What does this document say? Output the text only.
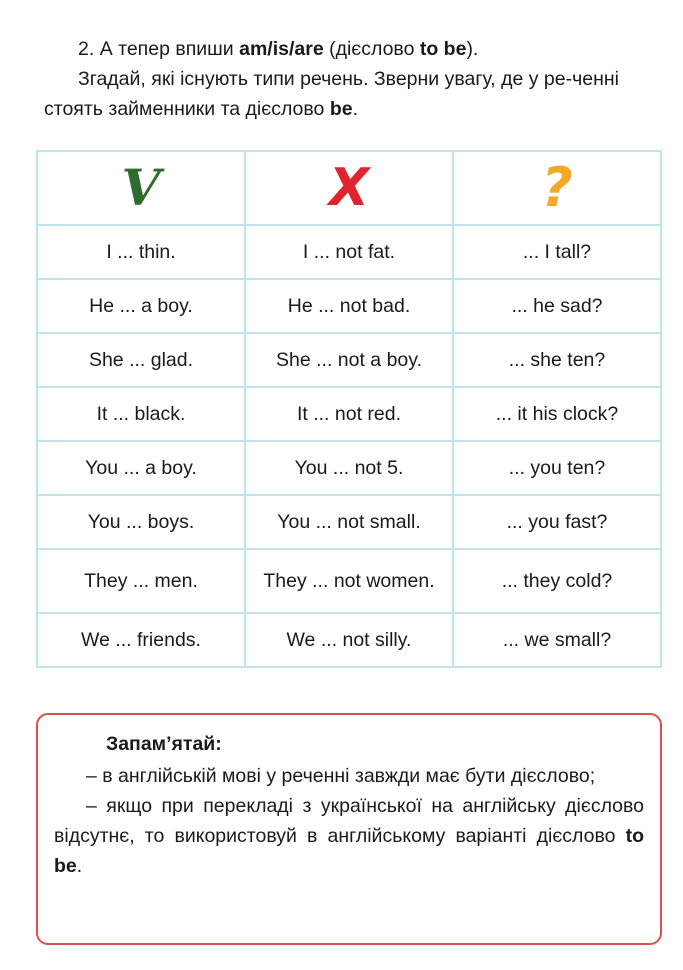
2. А тепер впиши am/is/are (дієслово to be).
Згадай, які існують типи речень. Зверни увагу, де у ре-ченні стоять займенники та дієслово be.
V	X	?
I ... thin.	I ... not fat.	... I tall?
He ... a boy.	He ... not bad.	... he sad?
She ... glad.	She ... not a boy.	... she ten?
It ... black.	It ... not red.	... it his clock?
You ... a boy.	You ... not 5.	... you ten?
You ... boys.	You ... not small.	... you fast?
They ... men.	They ... not women.	... they cold?
We ... friends.	We ... not silly.	... we small?
Запам’ятай:

– в англійській мові у реченні завжди має бути дієслово;

– якщо при перекладі з української на англійську дієслово відсутнє, то використовуй в англійському варіанті дієслово to be.
